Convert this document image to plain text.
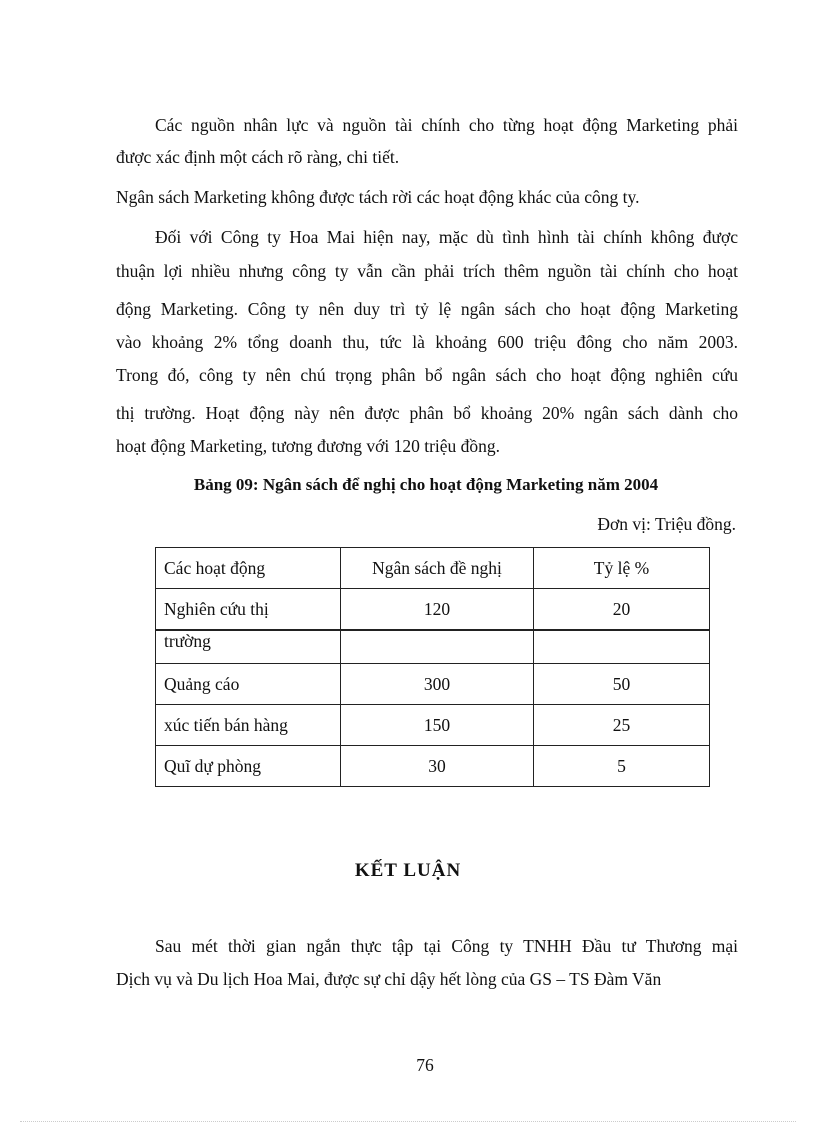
Các nguồn nhân lực và nguồn tài chính cho từng hoạt động Marketing phải
được xác định một cách rõ ràng, chi tiết.
Ngân sách Marketing không được tách rời các hoạt động khác của công ty.
Đối với Công ty Hoa Mai hiện nay, mặc dù tình hình tài chính không được
thuận lợi nhiều nhưng công ty vẫn cần phải trích thêm nguồn tài chính cho hoạt
động Marketing. Công ty nên duy trì tỷ lệ ngân sách cho hoạt động Marketing
vào khoảng 2% tổng doanh thu, tức là khoảng 600 triệu đông cho năm 2003.
Trong đó, công ty nên chú trọng phân bổ ngân sách cho hoạt động nghiên cứu
thị trường. Hoạt động này nên được phân bổ khoảng 20% ngân sách dành cho
hoạt động Marketing, tương đương với 120 triệu đồng.
Bảng 09: Ngân sách để nghị cho hoạt động Marketing năm 2004
Đơn vị: Triệu đồng.
Các hoạt động	Ngân sách đề nghị	Tỷ lệ %
Nghiên cứu thị	120	20
trường		
Quảng cáo	300	50
xúc tiến bán hàng	150	25
Quĩ dự phòng	30	5
KẾT LUẬN
Sau mét thời gian ngắn thực tập tại Công ty TNHH Đầu tư Thương mại
Dịch vụ và Du lịch Hoa Mai, được sự chỉ dậy hết lòng của GS – TS Đàm Văn
76
